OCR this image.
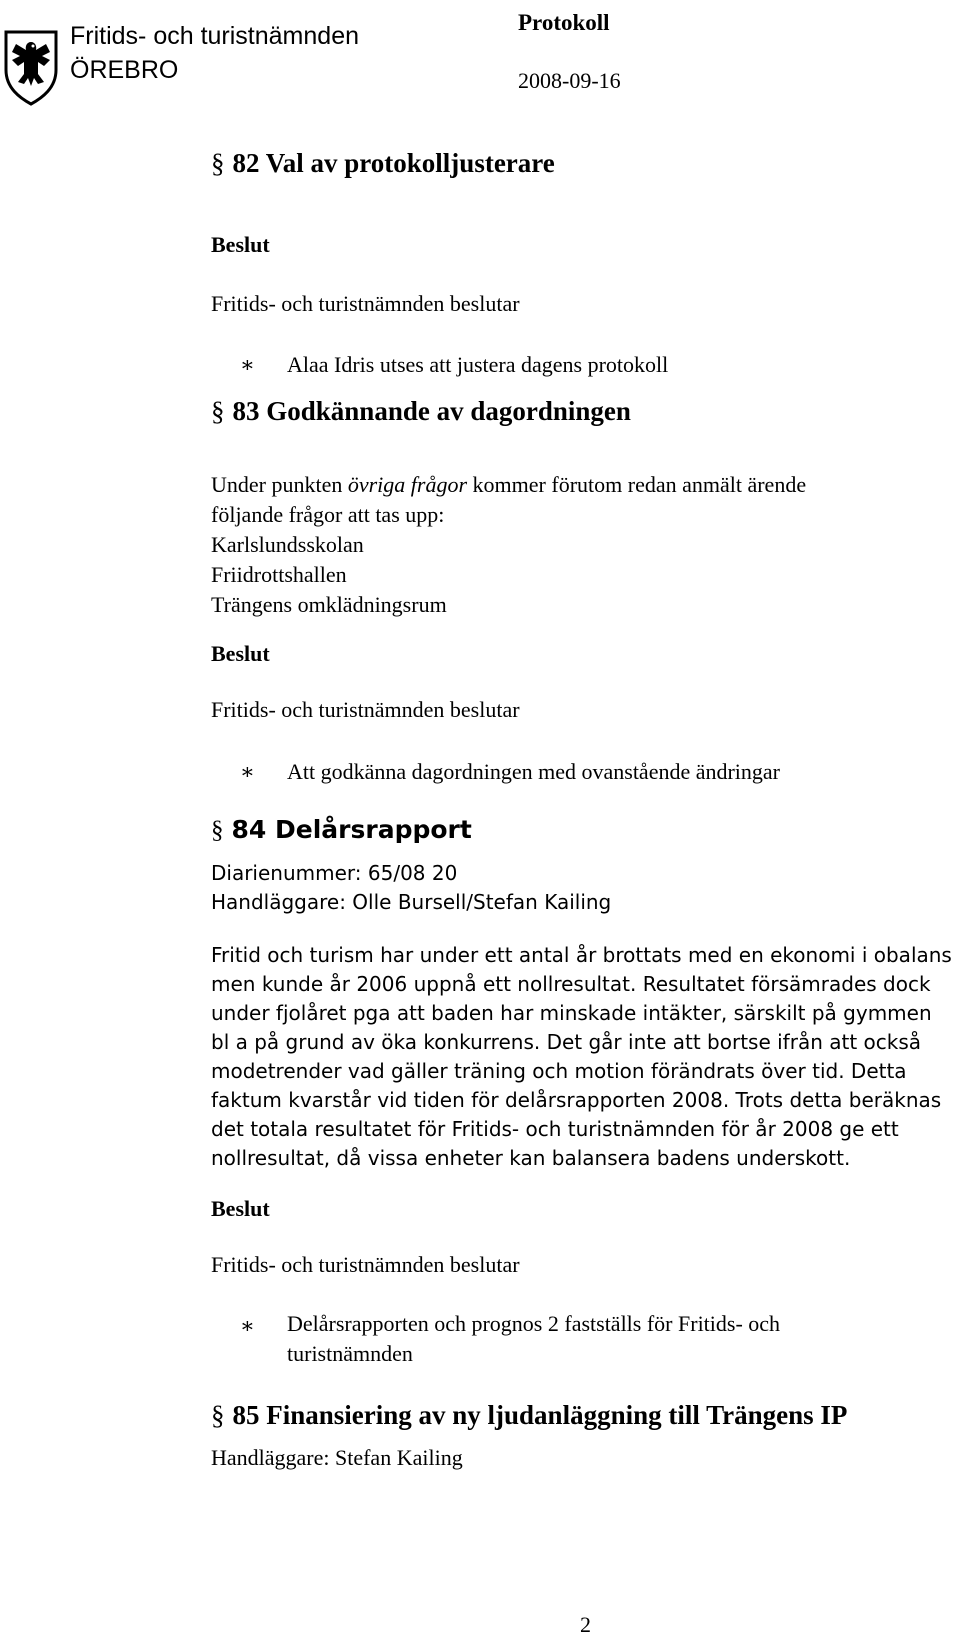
Fritids- och turistnämnden
ÖREBRO
Protokoll
2008-09-16
§ 82 Val av protokolljusterare
Beslut
Fritids- och turistnämnden beslutar
∗ Alaa Idris utses att justera dagens protokoll
§ 83 Godkännande av dagordningen
Under punkten övriga frågor kommer förutom redan anmält ärende
följande frågor att tas upp:
Karlslundsskolan
Friidrottshallen
Trängens omklädningsrum
Beslut
Fritids- och turistnämnden beslutar
∗ Att godkänna dagordningen med ovanstående ändringar
§ 84 Delårsrapport
Diarienummer: 65/08 20
Handläggare: Olle Bursell/Stefan Kailing
Fritid och turism har under ett antal år brottats med en ekonomi i obalans men kunde år 2006 uppnå ett nollresultat. Resultatet försämrades dock under fjolåret pga att baden har minskade intäkter, särskilt på gymmen bl a på grund av öka konkurrens. Det går inte att bortse ifrån att också modetrender vad gäller träning och motion förändrats över tid. Detta faktum kvarstår vid tiden för delårsrapporten 2008. Trots detta beräknas det totala resultatet för Fritids- och turistnämnden för år 2008 ge ett nollresultat, då vissa enheter kan balansera badens underskott.
Beslut
Fritids- och turistnämnden beslutar
∗ Delårsrapporten och prognos 2 fastställs för Fritids- och turistnämnden
§ 85 Finansiering av ny ljudanläggning till Trängens IP
Handläggare: Stefan Kailing
2
